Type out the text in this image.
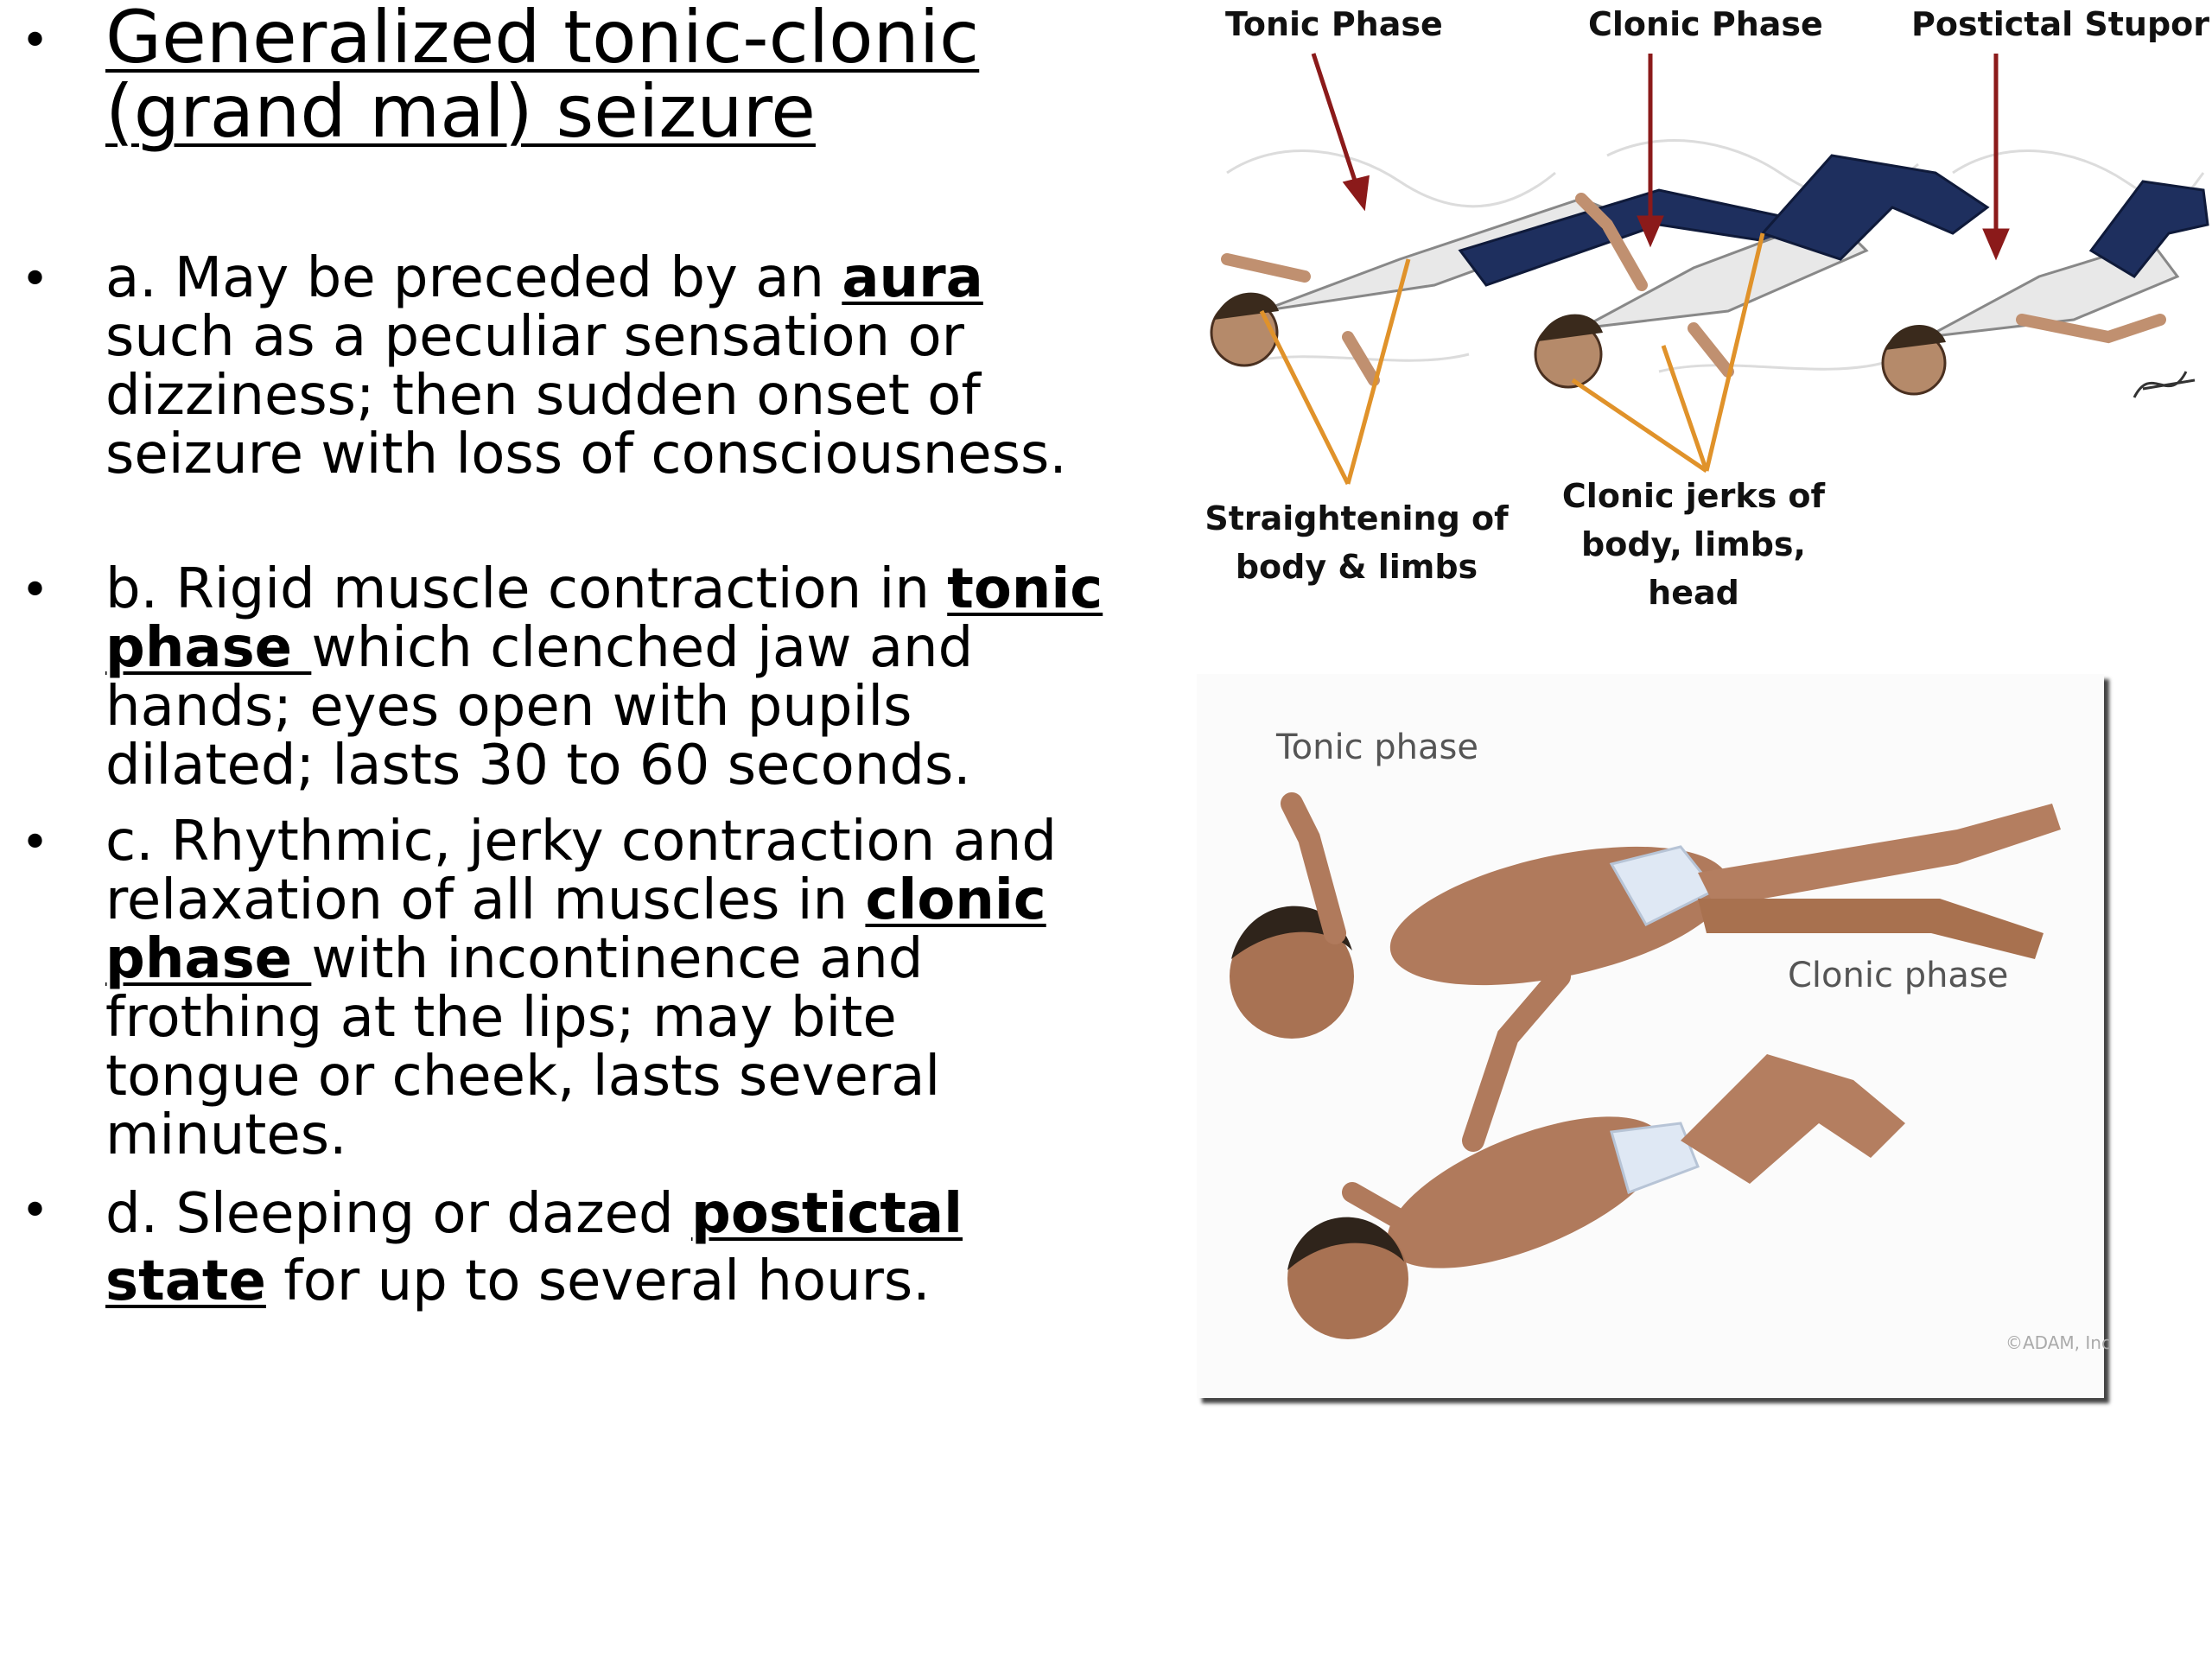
• Generalized tonic-clonic
(grand mal) seizure
•	a. May be preceded by an aura such as a peculiar sensation or dizziness; then sudden onset of seizure with loss of consciousness.
•	b. Rigid muscle contraction in tonic phase which clenched jaw and hands; eyes open with pupils dilated; lasts 30 to 60 seconds.
•	c. Rhythmic, jerky contraction and relaxation of all muscles in clonic phase with incontinence and frothing at the lips; may bite tongue or cheek, lasts several minutes.
•	d. Sleeping or dazed postictal state for up to several hours.
Tonic Phase	Clonic Phase	Postictal Stupor
Straightening of body & limbs
Clonic jerks of body, limbs, head
Tonic phase
Clonic phase
©ADAM, Inc
